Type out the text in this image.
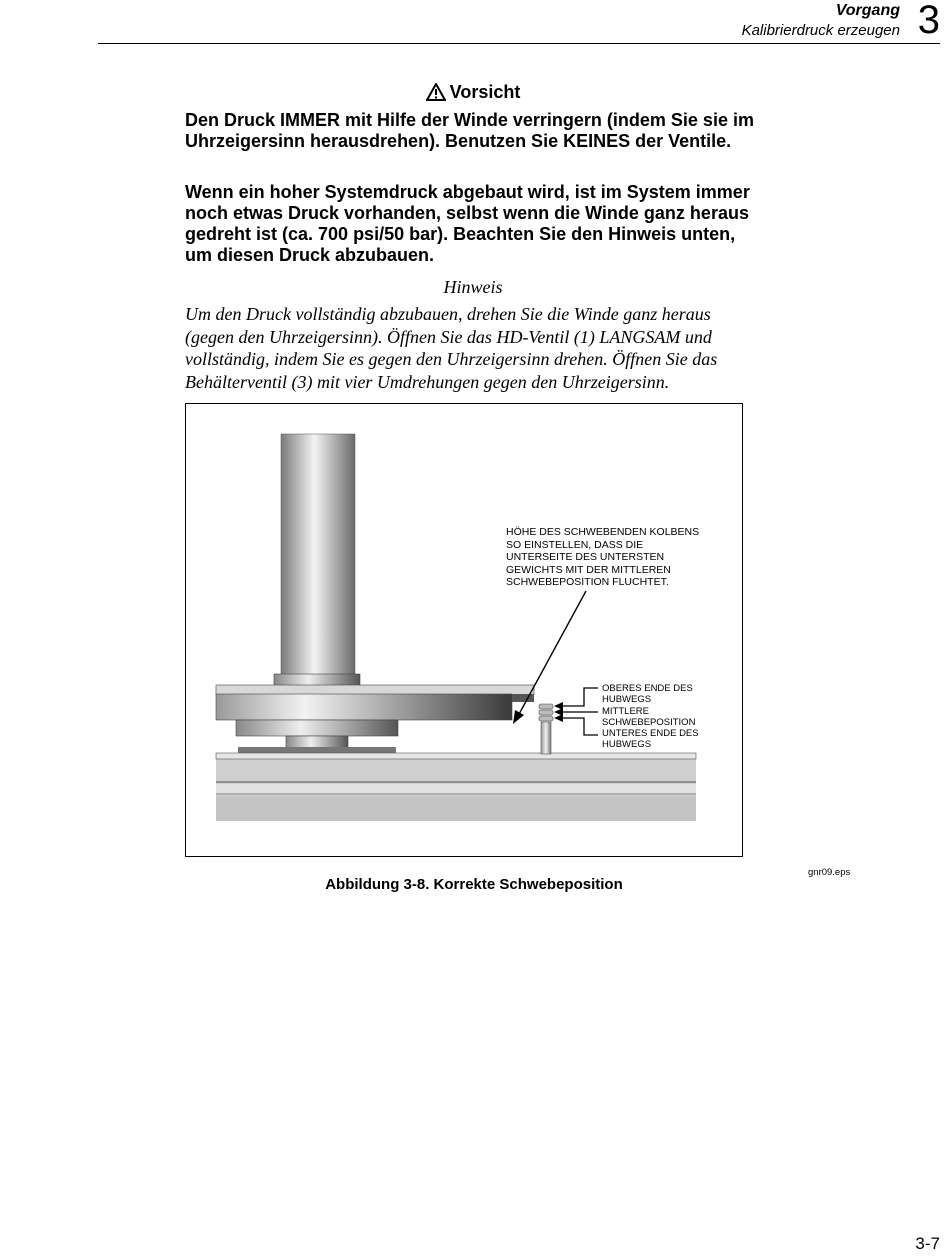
Vorgang
Kalibrierdruck erzeugen 3
Vorsicht

Den Druck IMMER mit Hilfe der Winde verringern (indem Sie sie im Uhrzeigersinn herausdrehen). Benutzen Sie KEINES der Ventile.

Wenn ein hoher Systemdruck abgebaut wird, ist im System immer noch etwas Druck vorhanden, selbst wenn die Winde ganz heraus gedreht ist (ca. 700 psi/50 bar). Beachten Sie den Hinweis unten, um diesen Druck abzubauen.

Hinweis

Um den Druck vollständig abzubauen, drehen Sie die Winde ganz heraus (gegen den Uhrzeigersinn). Öffnen Sie das HD-Ventil (1) LANGSAM und vollständig, indem Sie es gegen den Uhrzeigersinn drehen. Öffnen Sie das Behälterventil (3) mit vier Umdrehungen gegen den Uhrzeigersinn.

HÖHE DES SCHWEBENDEN KOLBENS
SO EINSTELLEN, DASS DIE
UNTERSEITE DES UNTERSTEN
GEWICHTS MIT DER MITTLEREN
SCHWEBEPOSITION FLUCHTET.
OBERES ENDE DES HUBWEGS
MITTLERE SCHWEBEPOSITION
UNTERES ENDE DES HUBWEGS
gnr09.eps
Abbildung 3-8. Korrekte Schwebeposition
3-7
